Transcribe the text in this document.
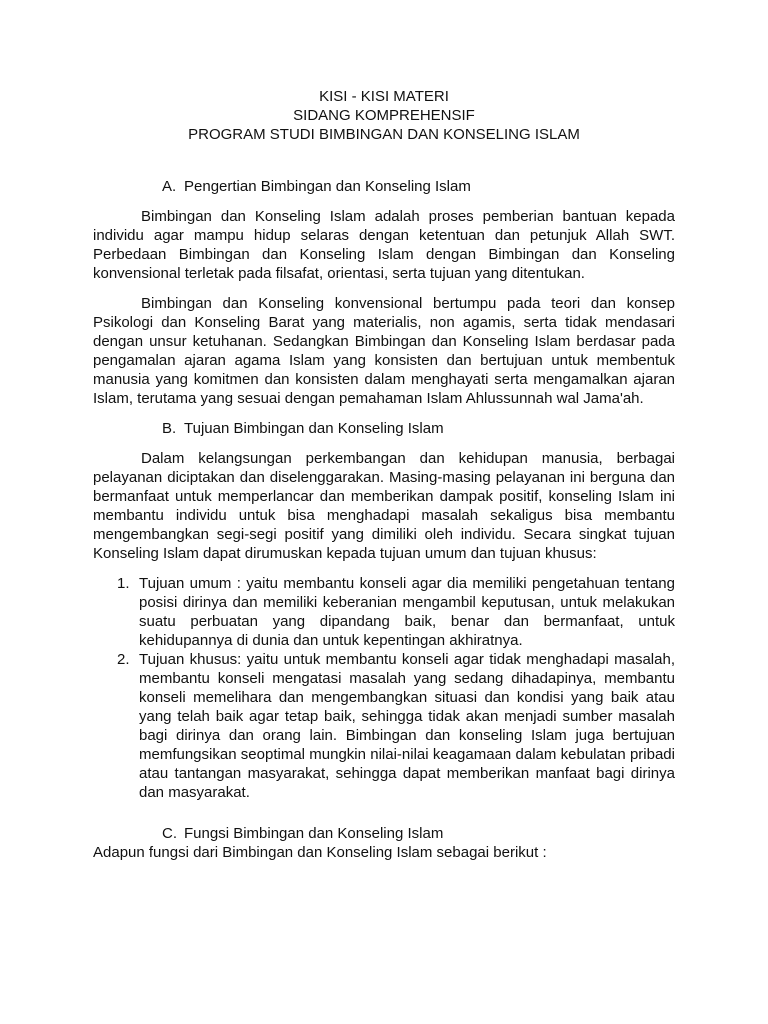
KISI - KISI MATERI
SIDANG KOMPREHENSIF
PROGRAM STUDI BIMBINGAN DAN KONSELING ISLAM

A. Pengertian Bimbingan dan Konseling Islam

Bimbingan dan Konseling Islam adalah proses pemberian bantuan kepada individu agar mampu hidup selaras dengan ketentuan dan petunjuk Allah SWT. Perbedaan Bimbingan dan Konseling Islam dengan Bimbingan dan Konseling konvensional terletak pada filsafat, orientasi, serta tujuan yang ditentukan.

Bimbingan dan Konseling konvensional bertumpu pada teori dan konsep Psikologi dan Konseling Barat yang materialis, non agamis, serta tidak mendasari dengan unsur ketuhanan. Sedangkan Bimbingan dan Konseling Islam berdasar pada pengamalan ajaran agama Islam yang konsisten dan bertujuan untuk membentuk manusia yang komitmen dan konsisten dalam menghayati serta mengamalkan ajaran Islam, terutama yang sesuai dengan pemahaman Islam Ahlussunnah wal Jama'ah.

B. Tujuan Bimbingan dan Konseling Islam

Dalam kelangsungan perkembangan dan kehidupan manusia, berbagai pelayanan diciptakan dan diselenggarakan. Masing-masing pelayanan ini berguna dan bermanfaat untuk memperlancar dan memberikan dampak positif, konseling Islam ini membantu individu untuk bisa menghadapi masalah sekaligus bisa membantu mengembangkan segi-segi positif yang dimiliki oleh individu. Secara singkat tujuan Konseling Islam dapat dirumuskan kepada tujuan umum dan tujuan khusus:

1. Tujuan umum : yaitu membantu konseli agar dia memiliki pengetahuan tentang posisi dirinya dan memiliki keberanian mengambil keputusan, untuk melakukan suatu perbuatan yang dipandang baik, benar dan bermanfaat, untuk kehidupannya di dunia dan untuk kepentingan akhiratnya.
2. Tujuan khusus: yaitu untuk membantu konseli agar tidak menghadapi masalah, membantu konseli mengatasi masalah yang sedang dihadapinya, membantu konseli memelihara dan mengembangkan situasi dan kondisi yang baik atau yang telah baik agar tetap baik, sehingga tidak akan menjadi sumber masalah bagi dirinya dan orang lain. Bimbingan dan konseling Islam juga bertujuan memfungsikan seoptimal mungkin nilai-nilai keagamaan dalam kebulatan pribadi atau tantangan masyarakat, sehingga dapat memberikan manfaat bagi dirinya dan masyarakat.

C. Fungsi Bimbingan dan Konseling Islam

Adapun fungsi dari Bimbingan dan Konseling Islam sebagai berikut :
